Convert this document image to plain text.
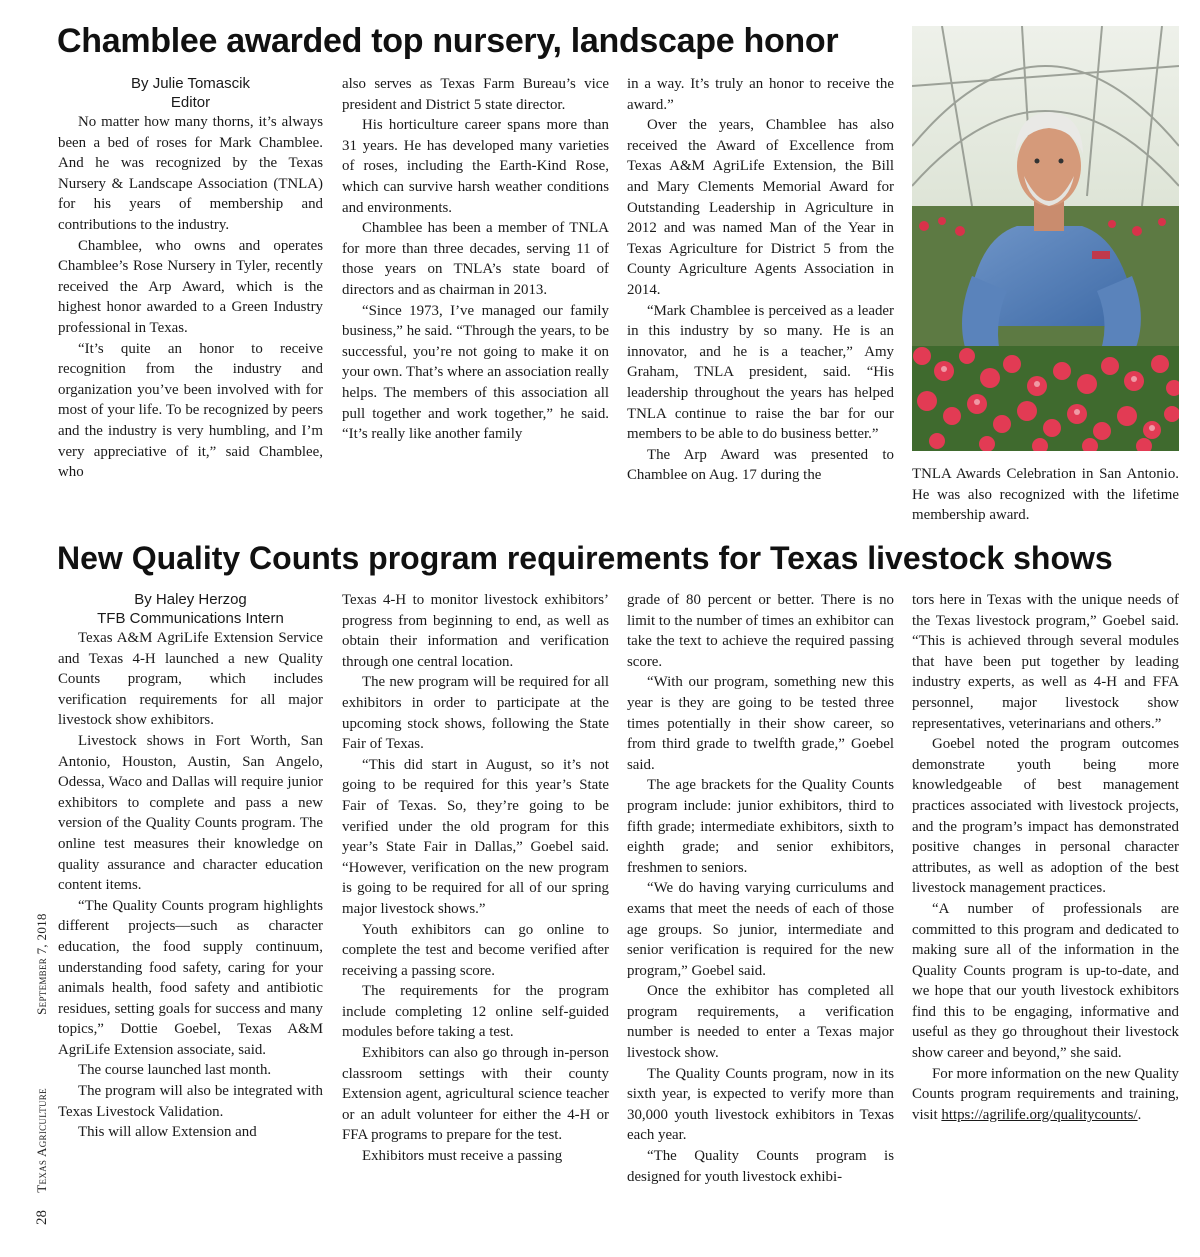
Chamblee awarded top nursery, landscape honor
By Julie Tomascik
Editor

No matter how many thorns, it’s always been a bed of roses for Mark Chamblee. And he was recognized by the Texas Nursery & Landscape Association (TNLA) for his years of membership and contributions to the industry.

Chamblee, who owns and operates Chamblee’s Rose Nursery in Tyler, recently received the Arp Award, which is the highest honor awarded to a Green Industry professional in Texas.

“It’s quite an honor to receive recognition from the industry and organization you’ve been involved with for most of your life. To be recognized by peers and the industry is very humbling, and I’m very appreciative of it,” said Chamblee, who

also serves as Texas Farm Bureau’s vice president and District 5 state director.

His horticulture career spans more than 31 years. He has developed many varieties of roses, including the Earth-Kind Rose, which can survive harsh weather conditions and environments.

Chamblee has been a member of TNLA for more than three decades, serving 11 of those years on TNLA’s state board of directors and as chairman in 2013.

“Since 1973, I’ve managed our family business,” he said. “Through the years, to be successful, you’re not going to make it on your own. That’s where an association really helps. The members of this association all pull together and work together,” he said. “It’s really like another family

in a way. It’s truly an honor to receive the award.”

Over the years, Chamblee has also received the Award of Excellence from Texas A&M AgriLife Extension, the Bill and Mary Clements Memorial Award for Outstanding Leadership in Agriculture in 2012 and was named Man of the Year in Texas Agriculture for District 5 from the County Agriculture Agents Association in 2014.

“Mark Chamblee is perceived as a leader in this industry by so many. He is an innovator, and he is a teacher,” Amy Graham, TNLA president, said. “His leadership throughout the years has helped TNLA continue to raise the bar for our members to be able to do business better.”

The Arp Award was presented to Chamblee on Aug. 17 during the	TNLA Awards Celebration in San Antonio. He was also recognized with the lifetime membership award.

New Quality Counts program requirements for Texas livestock shows
By Haley Herzog
TFB Communications Intern

Texas A&M AgriLife Extension Service and Texas 4-H launched a new Quality Counts program, which includes verification requirements for all major livestock show exhibitors.

Livestock shows in Fort Worth, San Antonio, Houston, Austin, San Angelo, Odessa, Waco and Dallas will require junior exhibitors to complete and pass a new version of the Quality Counts program. The online test measures their knowledge on quality assurance and character education content items.

“The Quality Counts program highlights different projects—such as character education, the food supply continuum, understanding food safety, caring for your animals health, food safety and antibiotic residues, setting goals for success and many topics,” Dottie Goebel, Texas A&M AgriLife Extension associate, said.

The course launched last month.

The program will also be integrated with Texas Livestock Validation.

This will allow Extension and

Texas 4-H to monitor livestock exhibitors’ progress from beginning to end, as well as obtain their information and verification through one central location.

The new program will be required for all exhibitors in order to participate at the upcoming stock shows, following the State Fair of Texas.

“This did start in August, so it’s not going to be required for this year’s State Fair of Texas. So, they’re going to be verified under the old program for this year’s State Fair in Dallas,” Goebel said. “However, verification on the new program is going to be required for all of our spring major livestock shows.”

Youth exhibitors can go online to complete the test and become verified after receiving a passing score.

The requirements for the program include completing 12 online self-guided modules before taking a test.

Exhibitors can also go through in-person classroom settings with their county Extension agent, agricultural science teacher or an adult volunteer for either the 4-H or FFA programs to prepare for the test.

Exhibitors must receive a passing

grade of 80 percent or better. There is no limit to the number of times an exhibitor can take the text to achieve the required passing score.

“With our program, something new this year is they are going to be tested three times potentially in their show career, so from third grade to twelfth grade,” Goebel said.

The age brackets for the Quality Counts program include: junior exhibitors, third to fifth grade; intermediate exhibitors, sixth to eighth grade; and senior exhibitors, freshmen to seniors.

“We do having varying curriculums and exams that meet the needs of each of those age groups. So junior, intermediate and senior verification is required for the new program,” Goebel said.

Once the exhibitor has completed all program requirements, a verification number is needed to enter a Texas major livestock show.

The Quality Counts program, now in its sixth year, is expected to verify more than 30,000 youth livestock exhibitors in Texas each year.

“The Quality Counts program is designed for youth livestock exhibi-

tors here in Texas with the unique needs of the Texas livestock program,” Goebel said. “This is achieved through several modules that have been put together by leading industry experts, as well as 4-H and FFA personnel, major livestock show representatives, veterinarians and others.”

Goebel noted the program outcomes demonstrate youth being more knowledgeable of best management practices associated with livestock projects, and the program’s impact has demonstrated positive changes in personal character attributes, as well as adoption of the best livestock management practices.

“A number of professionals are committed to this program and dedicated to making sure all of the information in the Quality Counts program is up-to-date, and we hope that our youth livestock exhibitors find this to be engaging, informative and useful as they go throughout their livestock show career and beyond,” she said.

For more information on the new Quality Counts program requirements and training, visit https://agrilife.org/qualitycounts/.

28 Texas Agriculture September 7, 2018
